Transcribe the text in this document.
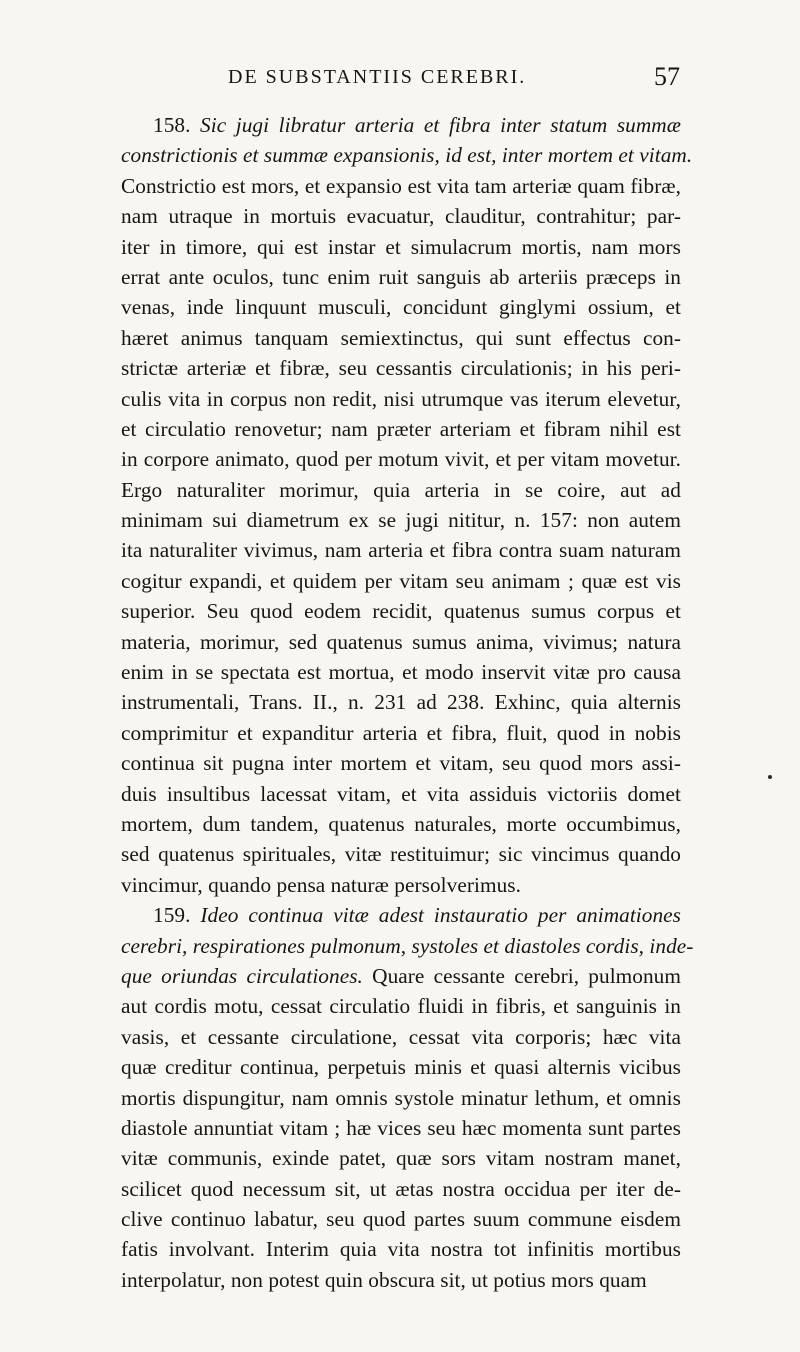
DE SUBSTANTIIS CEREBRI.	57
158. Sic jugi libratur arteria et fibra inter statum summæ
constrictionis et summæ expansionis, id est, inter mortem et vitam.
Constrictio est mors, et expansio est vita tam arteriæ quam fibræ,
nam utraque in mortuis evacuatur, clauditur, contrahitur; par-
iter in timore, qui est instar et simulacrum mortis, nam mors
errat ante oculos, tunc enim ruit sanguis ab arteriis præceps in
venas, inde linquunt musculi, concidunt ginglymi ossium, et
hæret animus tanquam semiextinctus, qui sunt effectus con-
strictæ arteriæ et fibræ, seu cessantis circulationis; in his peri-
culis vita in corpus non redit, nisi utrumque vas iterum elevetur,
et circulatio renovetur; nam præter arteriam et fibram nihil est
in corpore animato, quod per motum vivit, et per vitam movetur.
Ergo naturaliter morimur, quia arteria in se coire, aut ad
minimam sui diametrum ex se jugi nititur, n. 157: non autem
ita naturaliter vivimus, nam arteria et fibra contra suam naturam
cogitur expandi, et quidem per vitam seu animam ; quæ est vis
superior. Seu quod eodem recidit, quatenus sumus corpus et
materia, morimur, sed quatenus sumus anima, vivimus; natura
enim in se spectata est mortua, et modo inservit vitæ pro causa
instrumentali, Trans. II., n. 231 ad 238. Exhinc, quia alternis
comprimitur et expanditur arteria et fibra, fluit, quod in nobis
continua sit pugna inter mortem et vitam, seu quod mors assi-
duis insultibus lacessat vitam, et vita assiduis victoriis domet
mortem, dum tandem, quatenus naturales, morte occumbimus,
sed quatenus spirituales, vitæ restituimur; sic vincimus quando
vincimur, quando pensa naturæ persolverimus.
159. Ideo continua vitæ adest instauratio per animationes
cerebri, respirationes pulmonum, systoles et diastoles cordis, inde-
que oriundas circulationes. Quare cessante cerebri, pulmonum
aut cordis motu, cessat circulatio fluidi in fibris, et sanguinis in
vasis, et cessante circulatione, cessat vita corporis; hæc vita
quæ creditur continua, perpetuis minis et quasi alternis vicibus
mortis dispungitur, nam omnis systole minatur lethum, et omnis
diastole annuntiat vitam ; hæ vices seu hæc momenta sunt partes
vitæ communis, exinde patet, quæ sors vitam nostram manet,
scilicet quod necessum sit, ut ætas nostra occidua per iter de-
clive continuo labatur, seu quod partes suum commune eisdem
fatis involvant. Interim quia vita nostra tot infinitis mortibus
interpolatur, non potest quin obscura sit, ut potius mors quam
